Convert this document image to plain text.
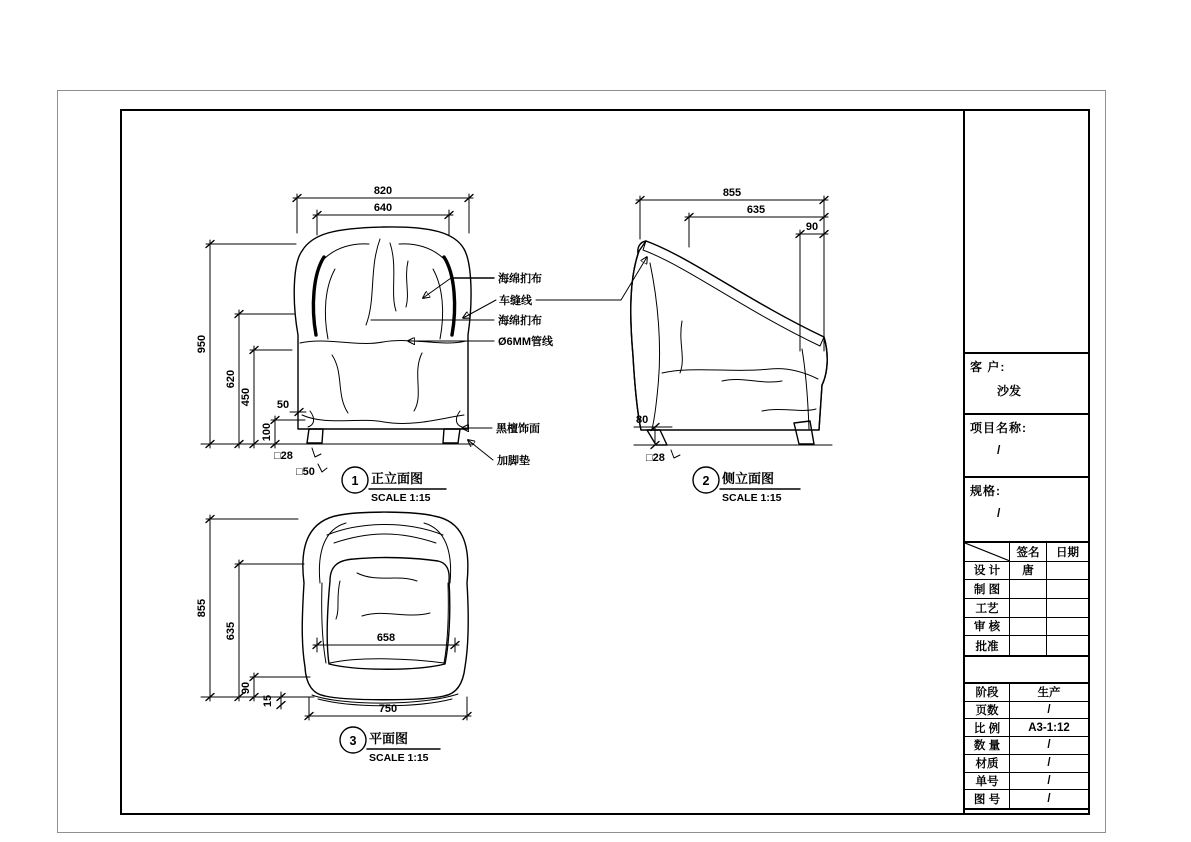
820
640
950
620
450
100
50
□28
□50
海绵扪布
车缝线
海绵扪布
Ø6MM管线
黑檀饰面
加脚垫
1 正立面图
SCALE 1:15
855
635
90
80
□28
2 侧立面图
SCALE 1:15
855
635
90
15
658
750
3 平面图
SCALE 1:15
客 户:
沙发
项目名称:
/
规格:
/
签名	日期
设 计	唐
制 图
工艺
审 核
批准
阶段	生产
页数	/
比 例	A3-1:12
数 量	/
材质	/
单号	/
图 号	/
